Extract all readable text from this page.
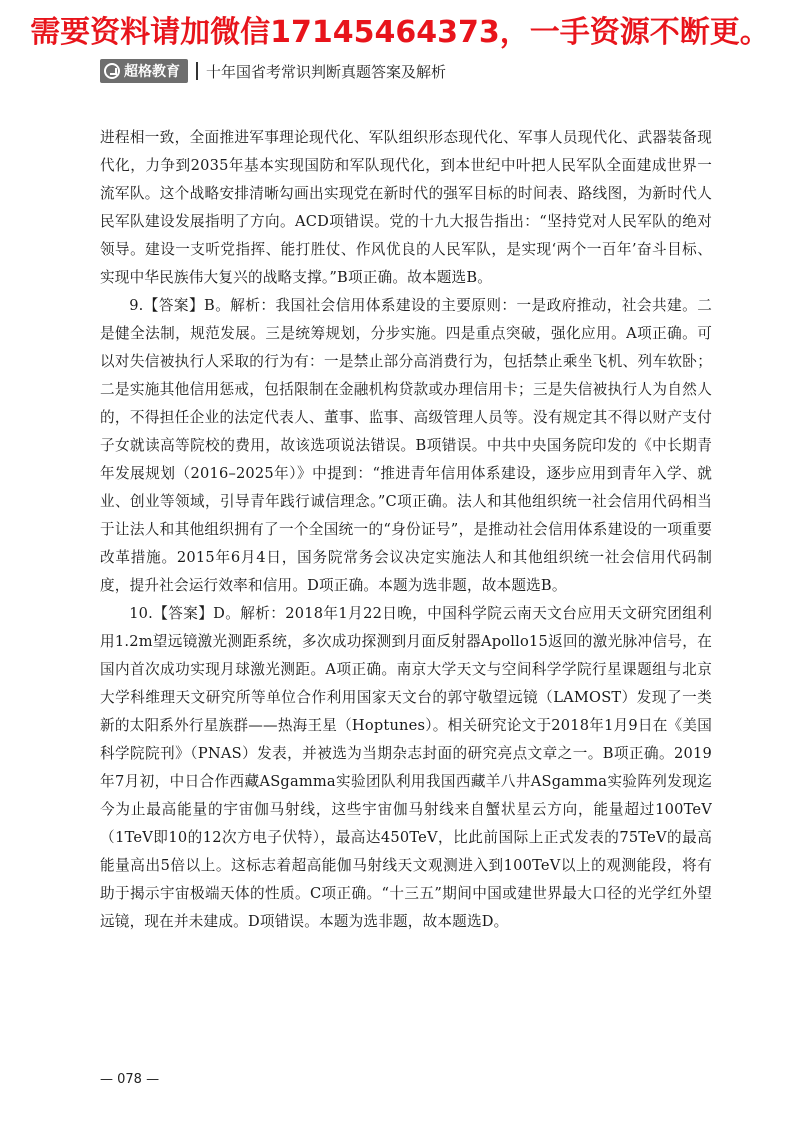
需要资料请加微信17145464373，一手资源不断更。
超格教育 十年国省考常识判断真题答案及解析

进程相一致，全面推进军事理论现代化、军队组织形态现代化、军事人员现代化、武器装备现代化，力争到2035年基本实现国防和军队现代化，到本世纪中叶把人民军队全面建成世界一流军队。这个战略安排清晰勾画出实现党在新时代的强军目标的时间表、路线图，为新时代人民军队建设发展指明了方向。ACD项错误。党的十九大报告指出：“坚持党对人民军队的绝对领导。建设一支听党指挥、能打胜仗、作风优良的人民军队，是实现‘两个一百年’奋斗目标、实现中华民族伟大复兴的战略支撑。”B项正确。故本题选B。

9.【答案】B。解析：我国社会信用体系建设的主要原则：一是政府推动，社会共建。二是健全法制，规范发展。三是统筹规划，分步实施。四是重点突破，强化应用。A项正确。可以对失信被执行人采取的行为有：一是禁止部分高消费行为，包括禁止乘坐飞机、列车软卧；二是实施其他信用惩戒，包括限制在金融机构贷款或办理信用卡；三是失信被执行人为自然人的，不得担任企业的法定代表人、董事、监事、高级管理人员等。没有规定其不得以财产支付子女就读高等院校的费用，故该选项说法错误。B项错误。中共中央国务院印发的《中长期青年发展规划（2016–2025年）》中提到：“推进青年信用体系建设，逐步应用到青年入学、就业、创业等领域，引导青年践行诚信理念。”C项正确。法人和其他组织统一社会信用代码相当于让法人和其他组织拥有了一个全国统一的“身份证号”，是推动社会信用体系建设的一项重要改革措施。2015年6月4日，国务院常务会议决定实施法人和其他组织统一社会信用代码制度，提升社会运行效率和信用。D项正确。本题为选非题，故本题选B。

10.【答案】D。解析：2018年1月22日晚，中国科学院云南天文台应用天文研究团组利用1.2m望远镜激光测距系统，多次成功探测到月面反射器Apollo15返回的激光脉冲信号，在国内首次成功实现月球激光测距。A项正确。南京大学天文与空间科学学院行星课题组与北京大学科维理天文研究所等单位合作利用国家天文台的郭守敬望远镜（LAMOST）发现了一类新的太阳系外行星族群——热海王星（Hoptunes）。相关研究论文于2018年1月9日在《美国科学院院刊》（PNAS）发表，并被选为当期杂志封面的研究亮点文章之一。B项正确。2019年7月初，中日合作西藏ASgamma实验团队利用我国西藏羊八井ASgamma实验阵列发现迄今为止最高能量的宇宙伽马射线，这些宇宙伽马射线来自蟹状星云方向，能量超过100TeV（1TeV即10的12次方电子伏特），最高达450TeV，比此前国际上正式发表的75TeV的最高能量高出5倍以上。这标志着超高能伽马射线天文观测进入到100TeV以上的观测能段，将有助于揭示宇宙极端天体的性质。C项正确。“十三五”期间中国或建世界最大口径的光学红外望远镜，现在并未建成。D项错误。本题为选非题，故本题选D。

— 078 —
